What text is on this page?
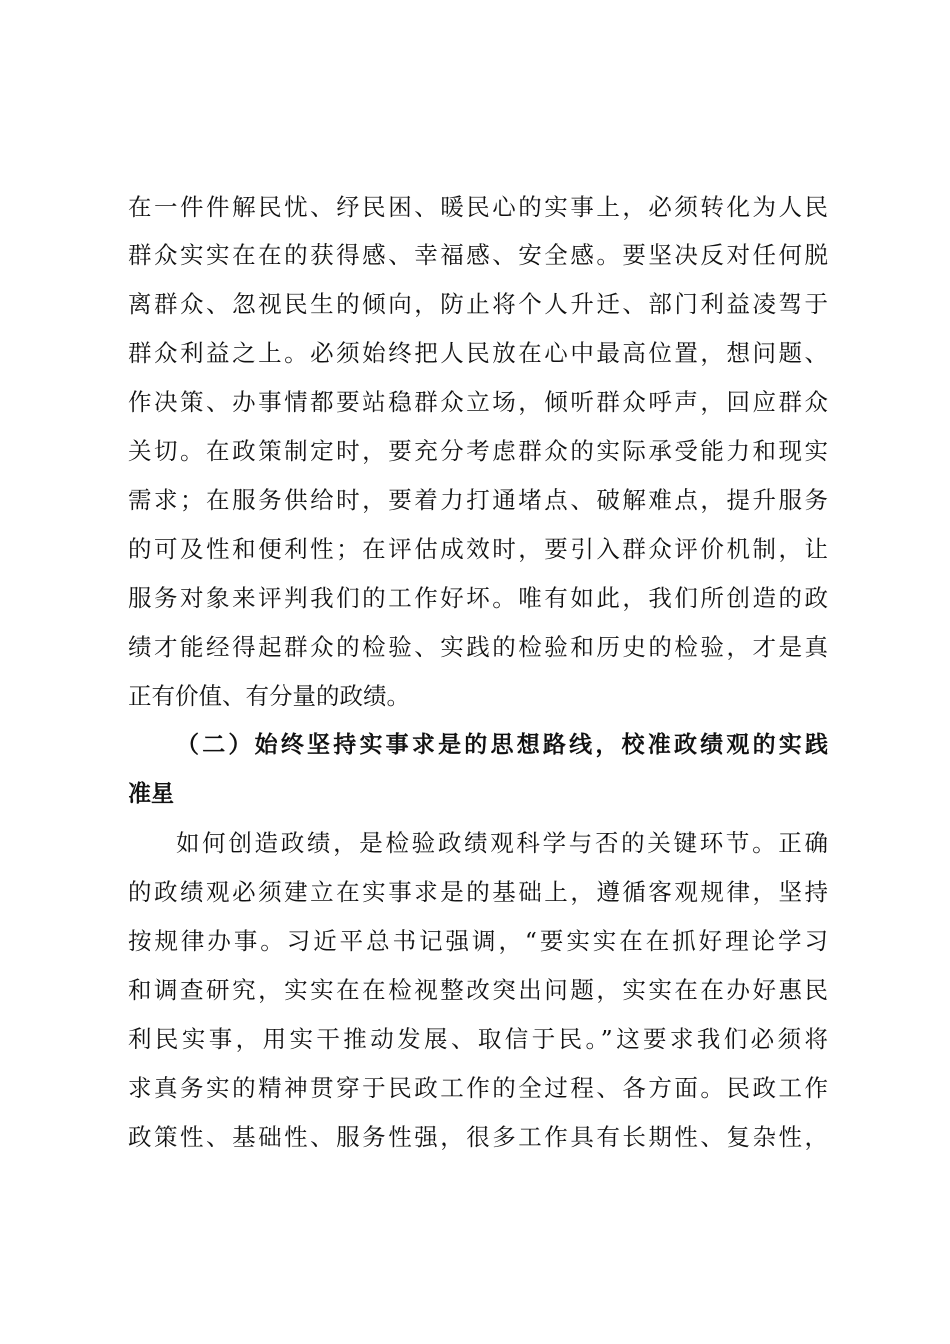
在一件件解民忧、纾民困、暖民心的实事上，必须转化为人民
群众实实在在的获得感、幸福感、安全感。要坚决反对任何脱
离群众、忽视民生的倾向，防止将个人升迁、部门利益凌驾于
群众利益之上。必须始终把人民放在心中最高位置，想问题、
作决策、办事情都要站稳群众立场，倾听群众呼声，回应群众
关切。在政策制定时，要充分考虑群众的实际承受能力和现实
需求；在服务供给时，要着力打通堵点、破解难点，提升服务
的可及性和便利性；在评估成效时，要引入群众评价机制，让
服务对象来评判我们的工作好坏。唯有如此，我们所创造的政
绩才能经得起群众的检验、实践的检验和历史的检验，才是真
正有价值、有分量的政绩。
（二）始终坚持实事求是的思想路线，校准政绩观的实践
准星
如何创造政绩，是检验政绩观科学与否的关键环节。正确
的政绩观必须建立在实事求是的基础上，遵循客观规律，坚持
按规律办事。习近平总书记强调，“要实实在在抓好理论学习
和调查研究，实实在在检视整改突出问题，实实在在办好惠民
利民实事，用实干推动发展、取信于民。”这要求我们必须将
求真务实的精神贯穿于民政工作的全过程、各方面。民政工作
政策性、基础性、服务性强，很多工作具有长期性、复杂性，
